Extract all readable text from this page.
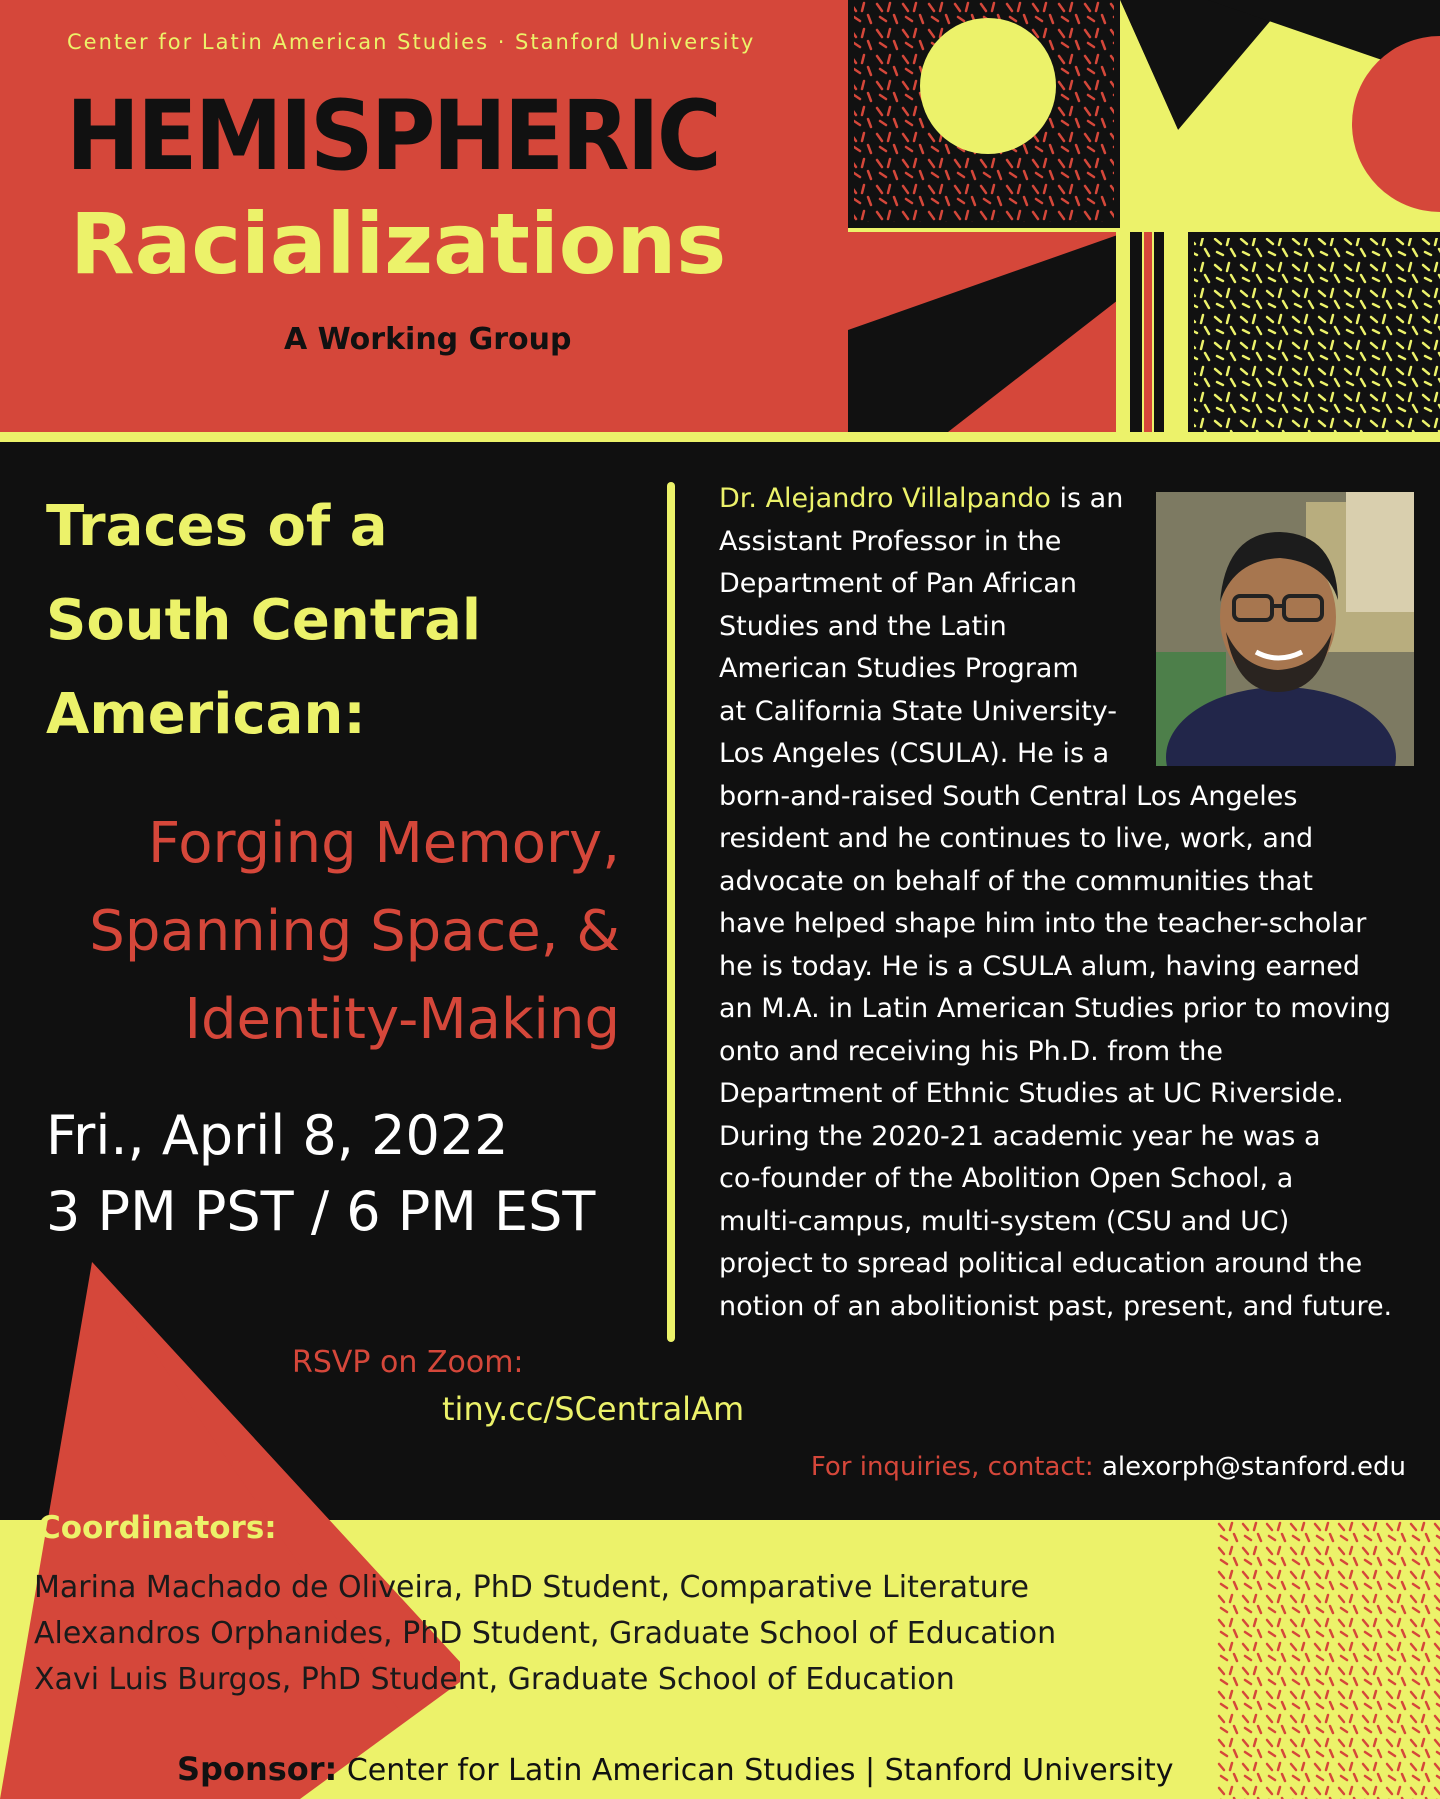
Center for Latin American Studies · Stanford University
HEMISPHERIC
Racializations
A Working Group
Traces of a
South Central
American:
Forging Memory,
Spanning Space, &
Identity-Making
Fri., April 8, 2022
3 PM PST / 6 PM EST
Dr. Alejandro Villalpando is an
Assistant Professor in the
Department of Pan African
Studies and the Latin
American Studies Program
at California State University-
Los Angeles (CSULA). He is a
born-and-raised South Central Los Angeles
resident and he continues to live, work, and
advocate on behalf of the communities that
have helped shape him into the teacher-scholar
he is today. He is a CSULA alum, having earned
an M.A. in Latin American Studies prior to moving
onto and receiving his Ph.D. from the
Department of Ethnic Studies at UC Riverside.
During the 2020-21 academic year he was a
co-founder of the Abolition Open School, a
multi-campus, multi-system (CSU and UC)
project to spread political education around the
notion of an abolitionist past, present, and future.
RSVP on Zoom:
tiny.cc/SCentralAm
For inquiries, contact: alexorph@stanford.edu
Coordinators:
Marina Machado de Oliveira, PhD Student, Comparative Literature
Alexandros Orphanides, PhD Student, Graduate School of Education
Xavi Luis Burgos, PhD Student, Graduate School of Education
Sponsor: Center for Latin American Studies | Stanford University
